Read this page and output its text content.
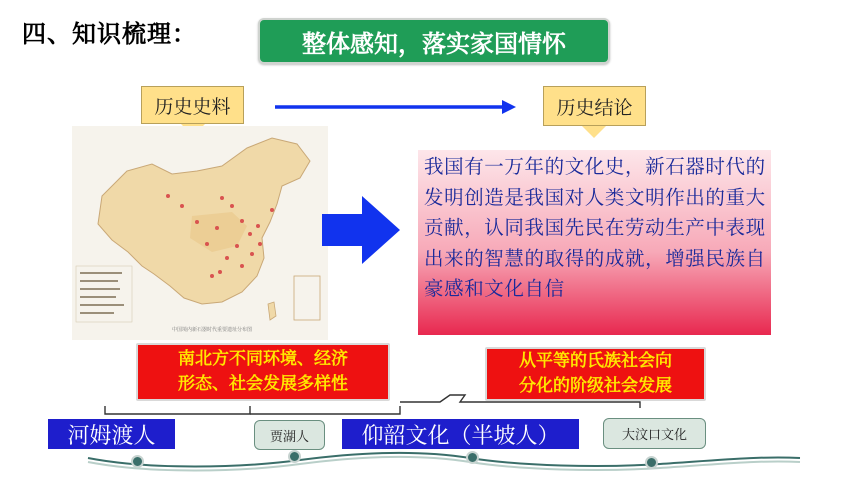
四、知识梳理：	整体感知，落实家国情怀
历史史料	历史结论
中国境内新石器时代重要遗址分布图
我国有一万年的文化史，新石器时代的发明创造是我国对人类文明作出的重大贡献，认同我国先民在劳动生产中表现出来的智慧的取得的成就，增强民族自豪感和文化自信
南北方不同环境、经济
形态、社会发展多样性
从平等的氏族社会向
分化的阶级社会发展
河姆渡人	贾湖人	仰韶文化（半坡人）	大汶口文化
